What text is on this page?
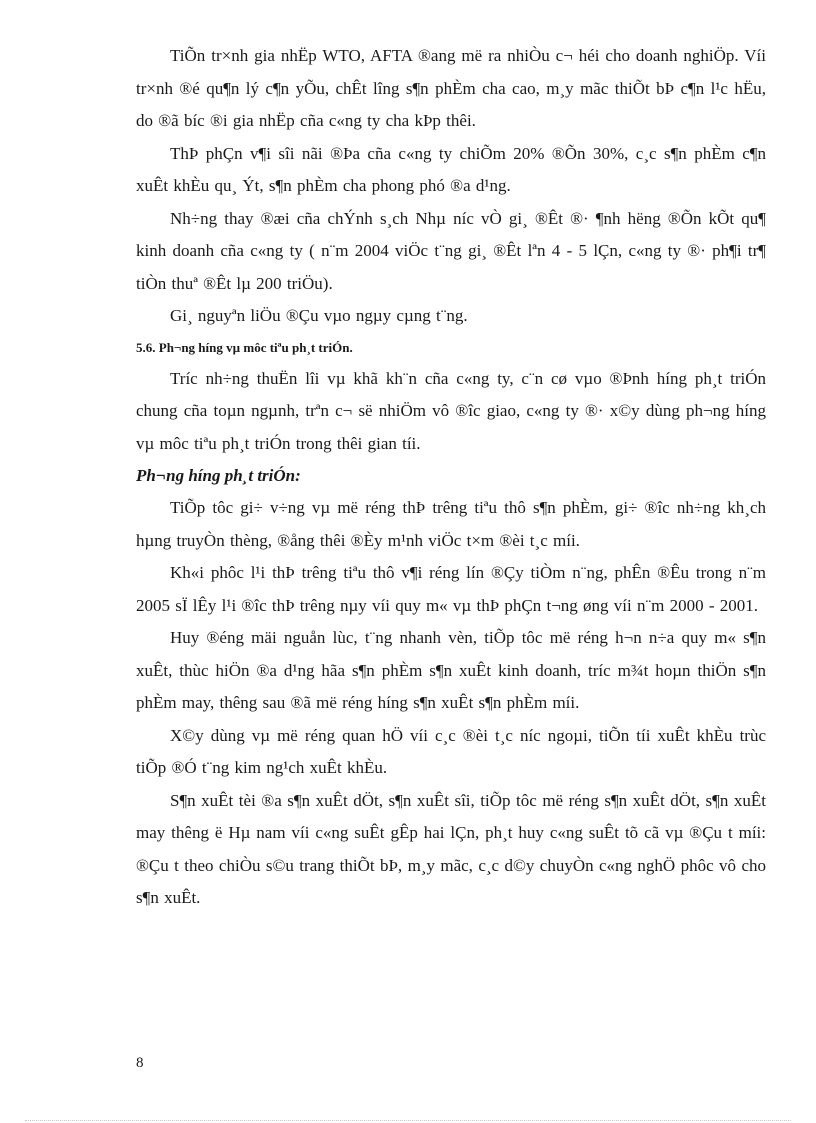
TiÕn tr×nh gia nhËp WTO, AFTA ®ang më ra nhiÒu c¬ héi cho doanh nghiÖp. Víi tr×nh ®é qu¶n lý c¶n yÕu, chÊt lîng s¶n phÈm cha cao, m¸y mãc thiÕt bÞ c¶n l¹c hËu, do ®ã bíc ®i gia nhËp cña c«ng ty cha kÞp thêi.

ThÞ phÇn v¶i sîi nãi ®Þa cña c«ng ty chiÕm 20% ®Õn 30%, c¸c s¶n phÈm c¶n xuÊt khÈu qu¸ Ýt, s¶n phÈm cha phong phó ®a d¹ng.

Nh÷ng thay ®æi cña chÝnh s¸ch Nhµ níc vÒ gi¸ ®Êt ®· ¶nh hëng ®Õn kÕt qu¶ kinh doanh cña c«ng ty ( n¨m 2004 viÖc t¨ng gi¸ ®Êt lªn 4 - 5 lÇn, c«ng ty ®· ph¶i tr¶ tiÒn thuª ®Êt lµ 200 triÖu).

Gi¸ nguyªn liÖu ®Çu vµo ngµy cµng t¨ng.

5.6. Ph¬ng híng vµ môc tiªu ph¸t triÓn.

Tríc nh÷ng thuËn lîi vµ khã kh¨n cña c«ng ty, c¨n cø vµo ®Þnh híng ph¸t triÓn chung cña toµn ngµnh, trªn c¬ së nhiÖm vô ®îc giao, c«ng ty ®· x©y dùng ph¬ng híng vµ môc tiªu ph¸t triÓn trong thêi gian tíi.

Ph¬ng híng ph¸t triÓn:

TiÕp tôc gi÷ v÷ng vµ më réng thÞ trêng tiªu thô s¶n phÈm, gi÷ ®îc nh÷ng kh¸ch hµng truyÒn thèng, ®ång thêi ®Èy m¹nh viÖc t×m ®èi t¸c míi.

Kh«i phôc l¹i thÞ trêng tiªu thô v¶i réng lín ®Çy tiÒm n¨ng, phÊn ®Êu trong n¨m 2005 sÏ lÊy l¹i ®îc thÞ trêng nµy víi quy m« vµ thÞ phÇn t¬ng øng víi n¨m 2000 - 2001.

Huy ®éng mäi nguån lùc, t¨ng nhanh vèn, tiÕp tôc më réng h¬n n÷a quy m« s¶n xuÊt, thùc hiÖn ®a d¹ng hãa s¶n phÈm s¶n xuÊt kinh doanh, tríc m¾t hoµn thiÖn s¶n phÈm may, thêng sau ®ã më réng híng s¶n xuÊt s¶n phÈm míi.

X©y dùng vµ më réng quan hÖ víi c¸c ®èi t¸c níc ngoµi, tiÕn tíi xuÊt khÈu trùc tiÕp ®Ó t¨ng kim ng¹ch xuÊt khÈu.

S¶n xuÊt tèi ®a s¶n xuÊt dÖt, s¶n xuÊt sîi, tiÕp tôc më réng s¶n xuÊt dÖt, s¶n xuÊt may thêng ë Hµ nam víi c«ng suÊt gÊp hai lÇn, ph¸t huy c«ng suÊt tõ cã vµ ®Çu t míi: ®Çu t theo chiÒu s©u trang thiÕt bÞ, m¸y mãc, c¸c d©y chuyÒn c«ng nghÖ phôc vô cho s¶n xuÊt.

8
